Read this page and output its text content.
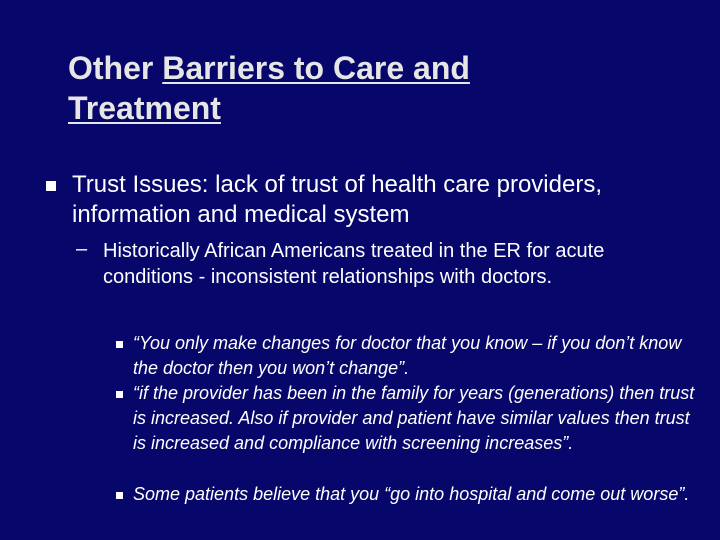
Other Barriers to Care and
Treatment

Trust Issues: lack of trust of health care providers, information and medical system

– Historically African Americans treated in the ER for acute conditions - inconsistent relationships with doctors.

“You only make changes for doctor that you know – if you don’t know the doctor then you won’t change”.

“if the provider has been in the family for years (generations) then trust is increased. Also if provider and patient have similar values then trust is increased and compliance with screening increases”.

Some patients believe that you “go into hospital and come out worse”.
